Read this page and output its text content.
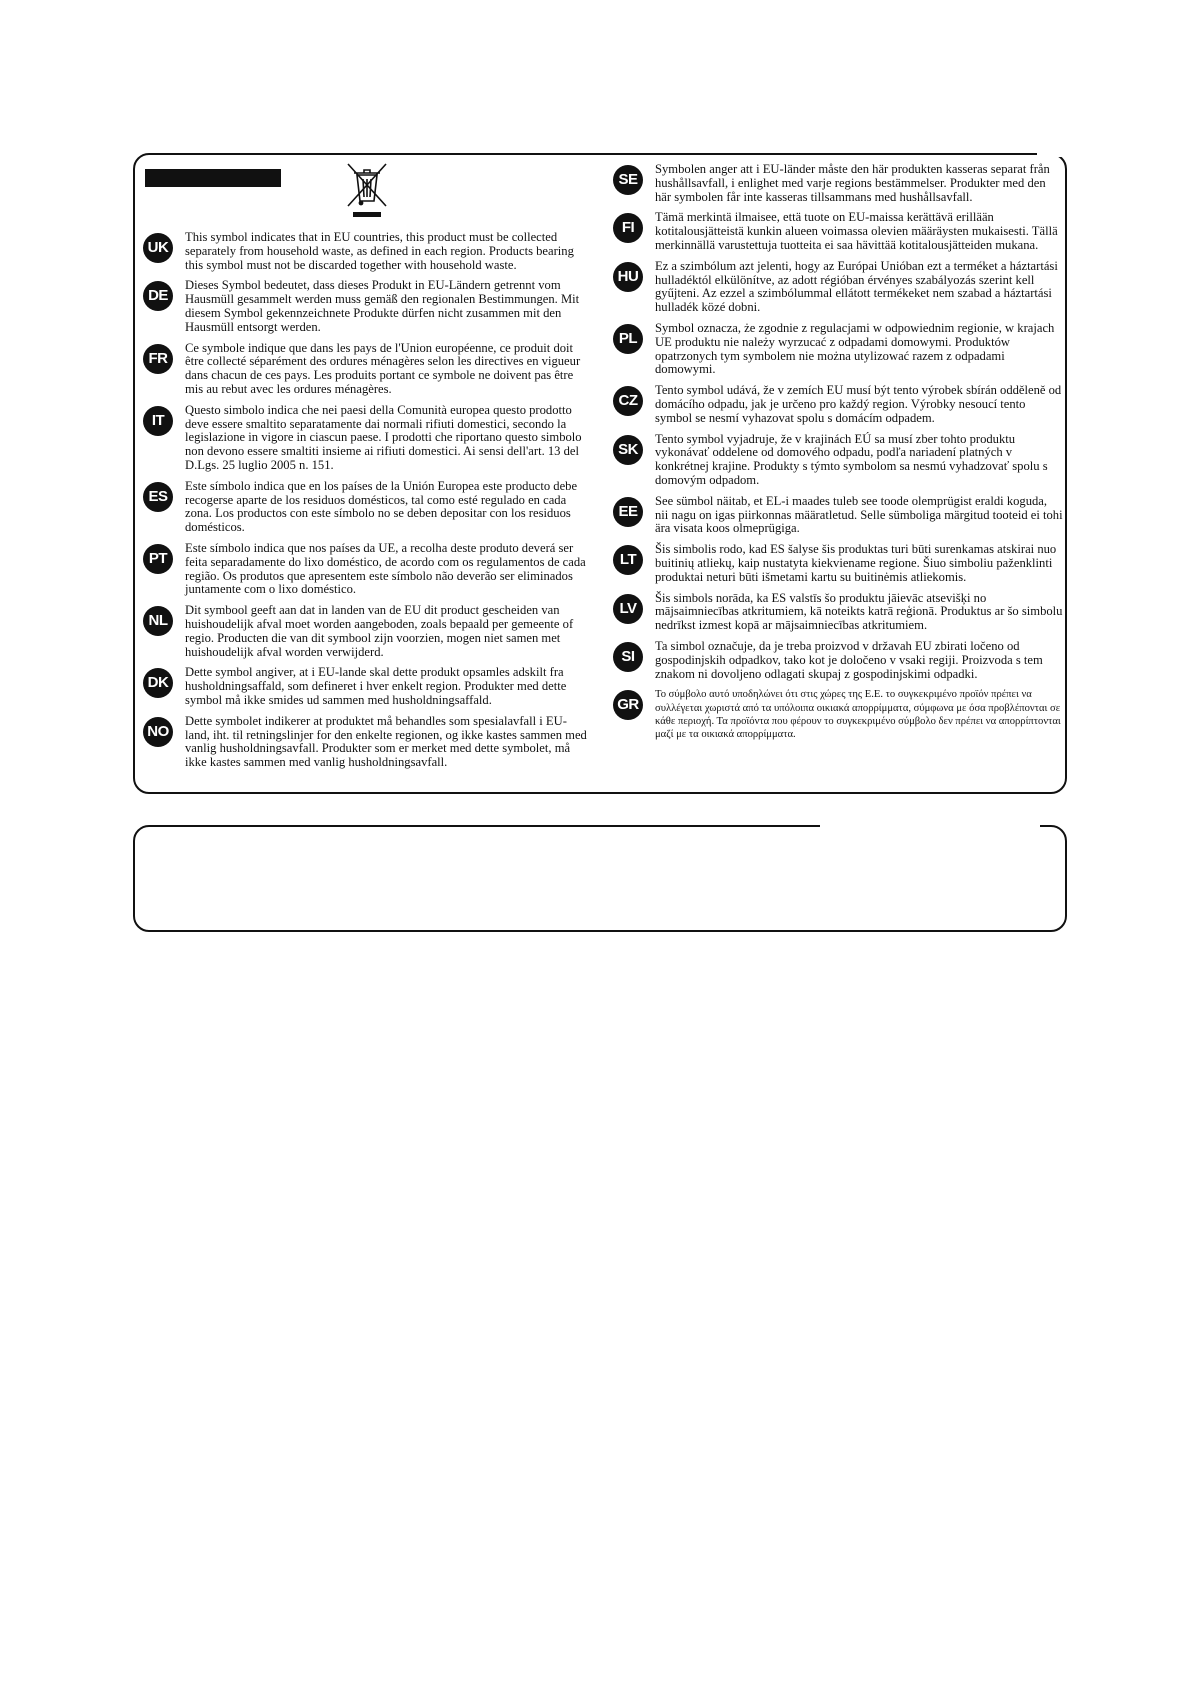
UK
This symbol indicates that in EU countries, this product must be collected separately from household waste, as defined in each region. Products bearing this symbol must not be discarded together with household waste.
DE
Dieses Symbol bedeutet, dass dieses Produkt in EU-Ländern getrennt vom Hausmüll gesammelt werden muss gemäß den regionalen Bestimmungen. Mit diesem Symbol gekennzeichnete Produkte dürfen nicht zusammen mit den Hausmüll entsorgt werden.
FR
Ce symbole indique que dans les pays de l'Union européenne, ce produit doit être collecté séparément des ordures ménagères selon les directives en vigueur dans chacun de ces pays. Les produits portant ce symbole ne doivent pas être mis au rebut avec les ordures ménagères.
IT
Questo simbolo indica che nei paesi della Comunità europea questo prodotto deve essere smaltito separatamente dai normali rifiuti domestici, secondo la legislazione in vigore in ciascun paese. I prodotti che riportano questo simbolo non devono essere smaltiti insieme ai rifiuti domestici. Ai sensi dell'art. 13 del D.Lgs. 25 luglio 2005 n. 151.
ES
Este símbolo indica que en los países de la Unión Europea este producto debe recogerse aparte de los residuos domésticos, tal como esté regulado en cada zona. Los productos con este símbolo no se deben depositar con los residuos domésticos.
PT
Este símbolo indica que nos países da UE, a recolha deste produto deverá ser feita separadamente do lixo doméstico, de acordo com os regulamentos de cada região. Os produtos que apresentem este símbolo não deverão ser eliminados juntamente com o lixo doméstico.
NL
Dit symbool geeft aan dat in landen van de EU dit product gescheiden van huishoudelijk afval moet worden aangeboden, zoals bepaald per gemeente of regio. Producten die van dit symbool zijn voorzien, mogen niet samen met huishoudelijk afval worden verwijderd.
DK
Dette symbol angiver, at i EU-lande skal dette produkt opsamles adskilt fra husholdningsaffald, som defineret i hver enkelt region. Produkter med dette symbol må ikke smides ud sammen med husholdningsaffald.
NO
Dette symbolet indikerer at produktet må behandles som spesialavfall i EU-land, iht. til retningslinjer for den enkelte regionen, og ikke kastes sammen med vanlig husholdningsavfall. Produkter som er merket med dette symbolet, må ikke kastes sammen med vanlig husholdningsavfall.
SE
Symbolen anger att i EU-länder måste den här produkten kasseras separat från hushållsavfall, i enlighet med varje regions bestämmelser. Produkter med den här symbolen får inte kasseras tillsammans med hushållsavfall.
FI
Tämä merkintä ilmaisee, että tuote on EU-maissa kerättävä erillään kotitalousjätteistä kunkin alueen voimassa olevien määräysten mukaisesti. Tällä merkinnällä varustettuja tuotteita ei saa hävittää kotitalousjätteiden mukana.
HU
Ez a szimbólum azt jelenti, hogy az Európai Unióban ezt a terméket a háztartási hulladéktól elkülönítve, az adott régióban érvényes szabályozás szerint kell gyűjteni. Az ezzel a szimbólummal ellátott termékeket nem szabad a háztartási hulladék közé dobni.
PL
Symbol oznacza, że zgodnie z regulacjami w odpowiednim regionie, w krajach UE produktu nie należy wyrzucać z odpadami domowymi. Produktów opatrzonych tym symbolem nie można utylizować razem z odpadami domowymi.
CZ
Tento symbol udává, že v zemích EU musí být tento výrobek sbírán odděleně od domácího odpadu, jak je určeno pro každý region. Výrobky nesoucí tento symbol se nesmí vyhazovat spolu s domácím odpadem.
SK
Tento symbol vyjadruje, že v krajinách EÚ sa musí zber tohto produktu vykonávať oddelene od domového odpadu, podľa nariadení platných v konkrétnej krajine. Produkty s týmto symbolom sa nesmú vyhadzovať spolu s domovým odpadom.
EE
See sümbol näitab, et EL-i maades tuleb see toode olemprügist eraldi koguda, nii nagu on igas piirkonnas määratletud. Selle sümboliga märgitud tooteid ei tohi ära visata koos olmeprügiga.
LT
Šis simbolis rodo, kad ES šalyse šis produktas turi būti surenkamas atskirai nuo buitinių atliekų, kaip nustatyta kiekviename regione. Šiuo simboliu paženklinti produktai neturi būti išmetami kartu su buitinėmis atliekomis.
LV
Šis simbols norāda, ka ES valstīs šo produktu jāievāc atsevišķi no mājsaimniecības atkritumiem, kā noteikts katrā reģionā. Produktus ar šo simbolu nedrīkst izmest kopā ar mājsaimniecības atkritumiem.
SI
Ta simbol označuje, da je treba proizvod v državah EU zbirati ločeno od gospodinjskih odpadkov, tako kot je določeno v vsaki regiji. Proizvoda s tem znakom ni dovoljeno odlagati skupaj z gospodinjskimi odpadki.
GR
Το σύμβολο αυτό υποδηλώνει ότι στις χώρες της Ε.Ε. το συγκεκριμένο προϊόν πρέπει να συλλέγεται χωριστά από τα υπόλοιπα οικιακά απορρίμματα, σύμφωνα με όσα προβλέπονται σε κάθε περιοχή. Τα προϊόντα που φέρουν το συγκεκριμένο σύμβολο δεν πρέπει να απορρίπτονται μαζί με τα οικιακά απορρίμματα.
